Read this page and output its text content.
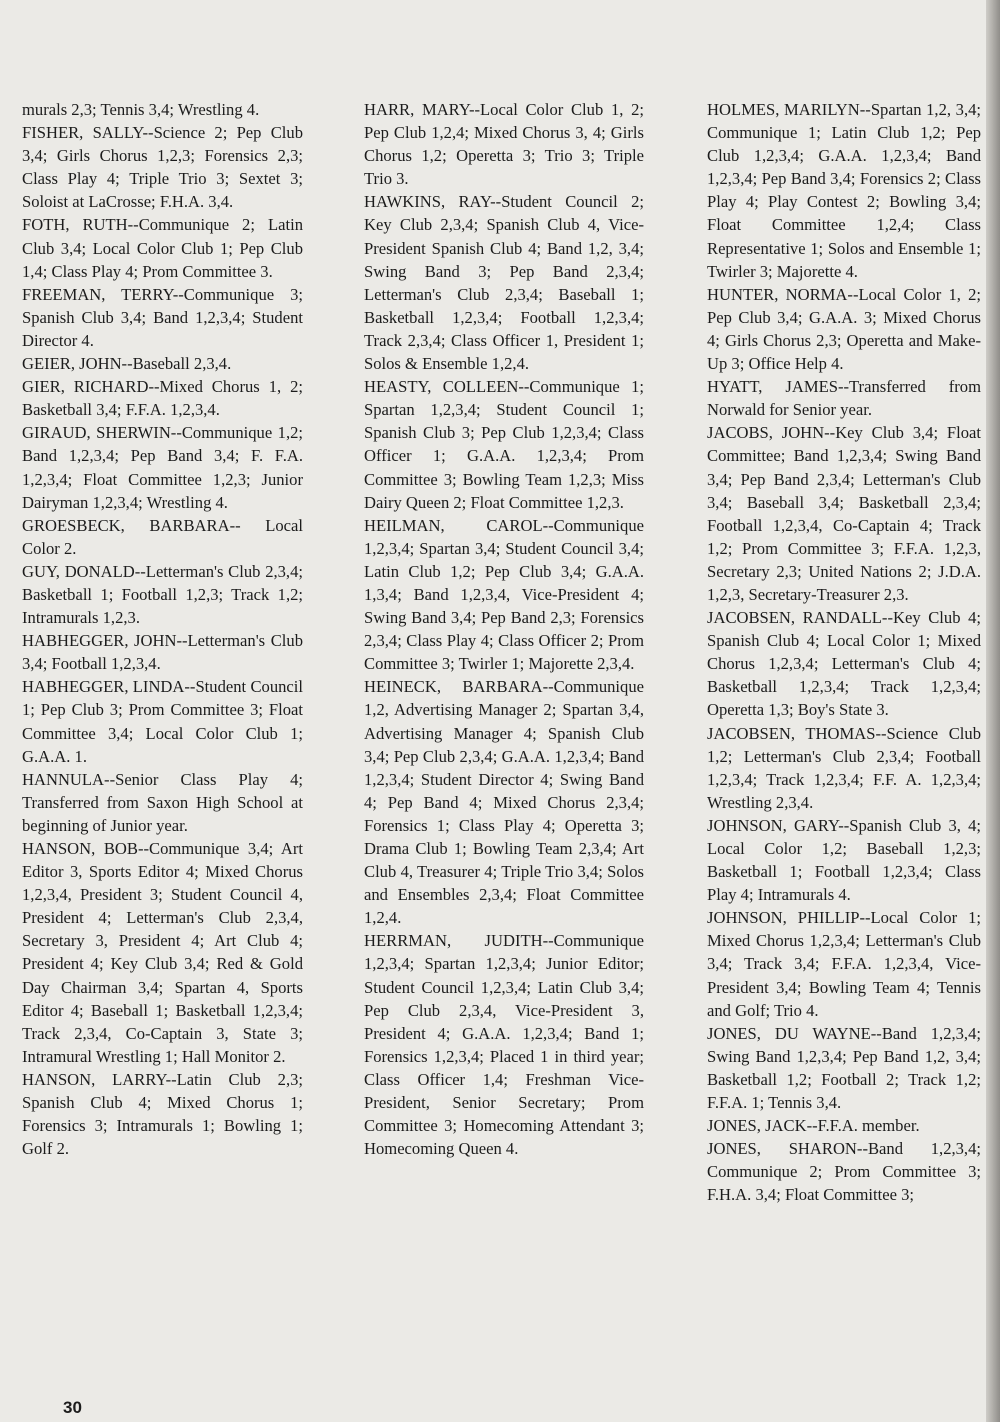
murals 2,3; Tennis 3,4; Wrestling 4.

FISHER, SALLY--Science 2; Pep Club 3,4; Girls Chorus 1,2,3; Forensics 2,3; Class Play 4; Triple Trio 3; Sextet 3; Soloist at LaCrosse; F.H.A. 3,4.

FOTH, RUTH--Communique 2; Latin Club 3,4; Local Color Club 1; Pep Club 1,4; Class Play 4; Prom Committee 3.

FREEMAN, TERRY--Communique 3; Spanish Club 3,4; Band 1,2,3,4; Student Director 4.

GEIER, JOHN--Baseball 2,3,4.

GIER, RICHARD--Mixed Chorus 1, 2; Basketball 3,4; F.F.A. 1,2,3,4.

GIRAUD, SHERWIN--Communique 1,2; Band 1,2,3,4; Pep Band 3,4; F. F.A. 1,2,3,4; Float Committee 1,2,3; Junior Dairyman 1,2,3,4; Wrestling 4.

GROESBECK, BARBARA-- Local Color 2.

GUY, DONALD--Letterman's Club 2,3,4; Basketball 1; Football 1,2,3; Track 1,2; Intramurals 1,2,3.

HABHEGGER, JOHN--Letterman's Club 3,4; Football 1,2,3,4.

HABHEGGER, LINDA--Student Council 1; Pep Club 3; Prom Committee 3; Float Committee 3,4; Local Color Club 1; G.A.A. 1.

HANNULA--Senior Class Play 4; Transferred from Saxon High School at beginning of Junior year.

HANSON, BOB--Communique 3,4; Art Editor 3, Sports Editor 4; Mixed Chorus 1,2,3,4, President 3; Student Council 4, President 4; Letterman's Club 2,3,4, Secretary 3, President 4; Art Club 4; President 4; Key Club 3,4; Red & Gold Day Chairman 3,4; Spartan 4, Sports Editor 4; Baseball 1; Basketball 1,2,3,4; Track 2,3,4, Co-Captain 3, State 3; Intramural Wrestling 1; Hall Monitor 2.

HANSON, LARRY--Latin Club 2,3; Spanish Club 4; Mixed Chorus 1; Forensics 3; Intramurals 1; Bowling 1; Golf 2.

HARR, MARY--Local Color Club 1, 2; Pep Club 1,2,4; Mixed Chorus 3, 4; Girls Chorus 1,2; Operetta 3; Trio 3; Triple Trio 3.

HAWKINS, RAY--Student Council 2; Key Club 2,3,4; Spanish Club 4, Vice-President Spanish Club 4; Band 1,2, 3,4; Swing Band 3; Pep Band 2,3,4; Letterman's Club 2,3,4; Baseball 1; Basketball 1,2,3,4; Football 1,2,3,4; Track 2,3,4; Class Officer 1, President 1; Solos & Ensemble 1,2,4.

HEASTY, COLLEEN--Communique 1; Spartan 1,2,3,4; Student Council 1; Spanish Club 3; Pep Club 1,2,3,4; Class Officer 1; G.A.A. 1,2,3,4; Prom Committee 3; Bowling Team 1,2,3; Miss Dairy Queen 2; Float Committee 1,2,3.

HEILMAN, CAROL--Communique 1,2,3,4; Spartan 3,4; Student Council 3,4; Latin Club 1,2; Pep Club 3,4; G.A.A. 1,3,4; Band 1,2,3,4, Vice-President 4; Swing Band 3,4; Pep Band 2,3; Forensics 2,3,4; Class Play 4; Class Officer 2; Prom Committee 3; Twirler 1; Majorette 2,3,4.

HEINECK, BARBARA--Communique 1,2, Advertising Manager 2; Spartan 3,4, Advertising Manager 4; Spanish Club 3,4; Pep Club 2,3,4; G.A.A. 1,2,3,4; Band 1,2,3,4; Student Director 4; Swing Band 4; Pep Band 4; Mixed Chorus 2,3,4; Forensics 1; Class Play 4; Operetta 3; Drama Club 1; Bowling Team 2,3,4; Art Club 4, Treasurer 4; Triple Trio 3,4; Solos and Ensembles 2,3,4; Float Committee 1,2,4.

HERRMAN, JUDITH--Communique 1,2,3,4; Spartan 1,2,3,4; Junior Editor; Student Council 1,2,3,4; Latin Club 3,4; Pep Club 2,3,4, Vice-President 3, President 4; G.A.A. 1,2,3,4; Band 1; Forensics 1,2,3,4; Placed 1 in third year; Class Officer 1,4; Freshman Vice-President, Senior Secretary; Prom Committee 3; Homecoming Attendant 3; Homecoming Queen 4.

HOLMES, MARILYN--Spartan 1,2, 3,4; Communique 1; Latin Club 1,2; Pep Club 1,2,3,4; G.A.A. 1,2,3,4; Band 1,2,3,4; Pep Band 3,4; Forensics 2; Class Play 4; Play Contest 2; Bowling 3,4; Float Committee 1,2,4; Class Representative 1; Solos and Ensemble 1; Twirler 3; Majorette 4.

HUNTER, NORMA--Local Color 1, 2; Pep Club 3,4; G.A.A. 3; Mixed Chorus 4; Girls Chorus 2,3; Operetta and Make-Up 3; Office Help 4.

HYATT, JAMES--Transferred from Norwald for Senior year.

JACOBS, JOHN--Key Club 3,4; Float Committee; Band 1,2,3,4; Swing Band 3,4; Pep Band 2,3,4; Letterman's Club 3,4; Baseball 3,4; Basketball 2,3,4; Football 1,2,3,4, Co-Captain 4; Track 1,2; Prom Committee 3; F.F.A. 1,2,3, Secretary 2,3; United Nations 2; J.D.A. 1,2,3, Secretary-Treasurer 2,3.

JACOBSEN, RANDALL--Key Club 4; Spanish Club 4; Local Color 1; Mixed Chorus 1,2,3,4; Letterman's Club 4; Basketball 1,2,3,4; Track 1,2,3,4; Operetta 1,3; Boy's State 3.

JACOBSEN, THOMAS--Science Club 1,2; Letterman's Club 2,3,4; Football 1,2,3,4; Track 1,2,3,4; F.F. A. 1,2,3,4; Wrestling 2,3,4.

JOHNSON, GARY--Spanish Club 3, 4; Local Color 1,2; Baseball 1,2,3; Basketball 1; Football 1,2,3,4; Class Play 4; Intramurals 4.

JOHNSON, PHILLIP--Local Color 1; Mixed Chorus 1,2,3,4; Letterman's Club 3,4; Track 3,4; F.F.A. 1,2,3,4, Vice-President 3,4; Bowling Team 4; Tennis and Golf; Trio 4.

JONES, DU WAYNE--Band 1,2,3,4; Swing Band 1,2,3,4; Pep Band 1,2, 3,4; Basketball 1,2; Football 2; Track 1,2; F.F.A. 1; Tennis 3,4.

JONES, JACK--F.F.A. member.

JONES, SHARON--Band 1,2,3,4; Communique 2; Prom Committee 3; F.H.A. 3,4; Float Committee 3;

30
